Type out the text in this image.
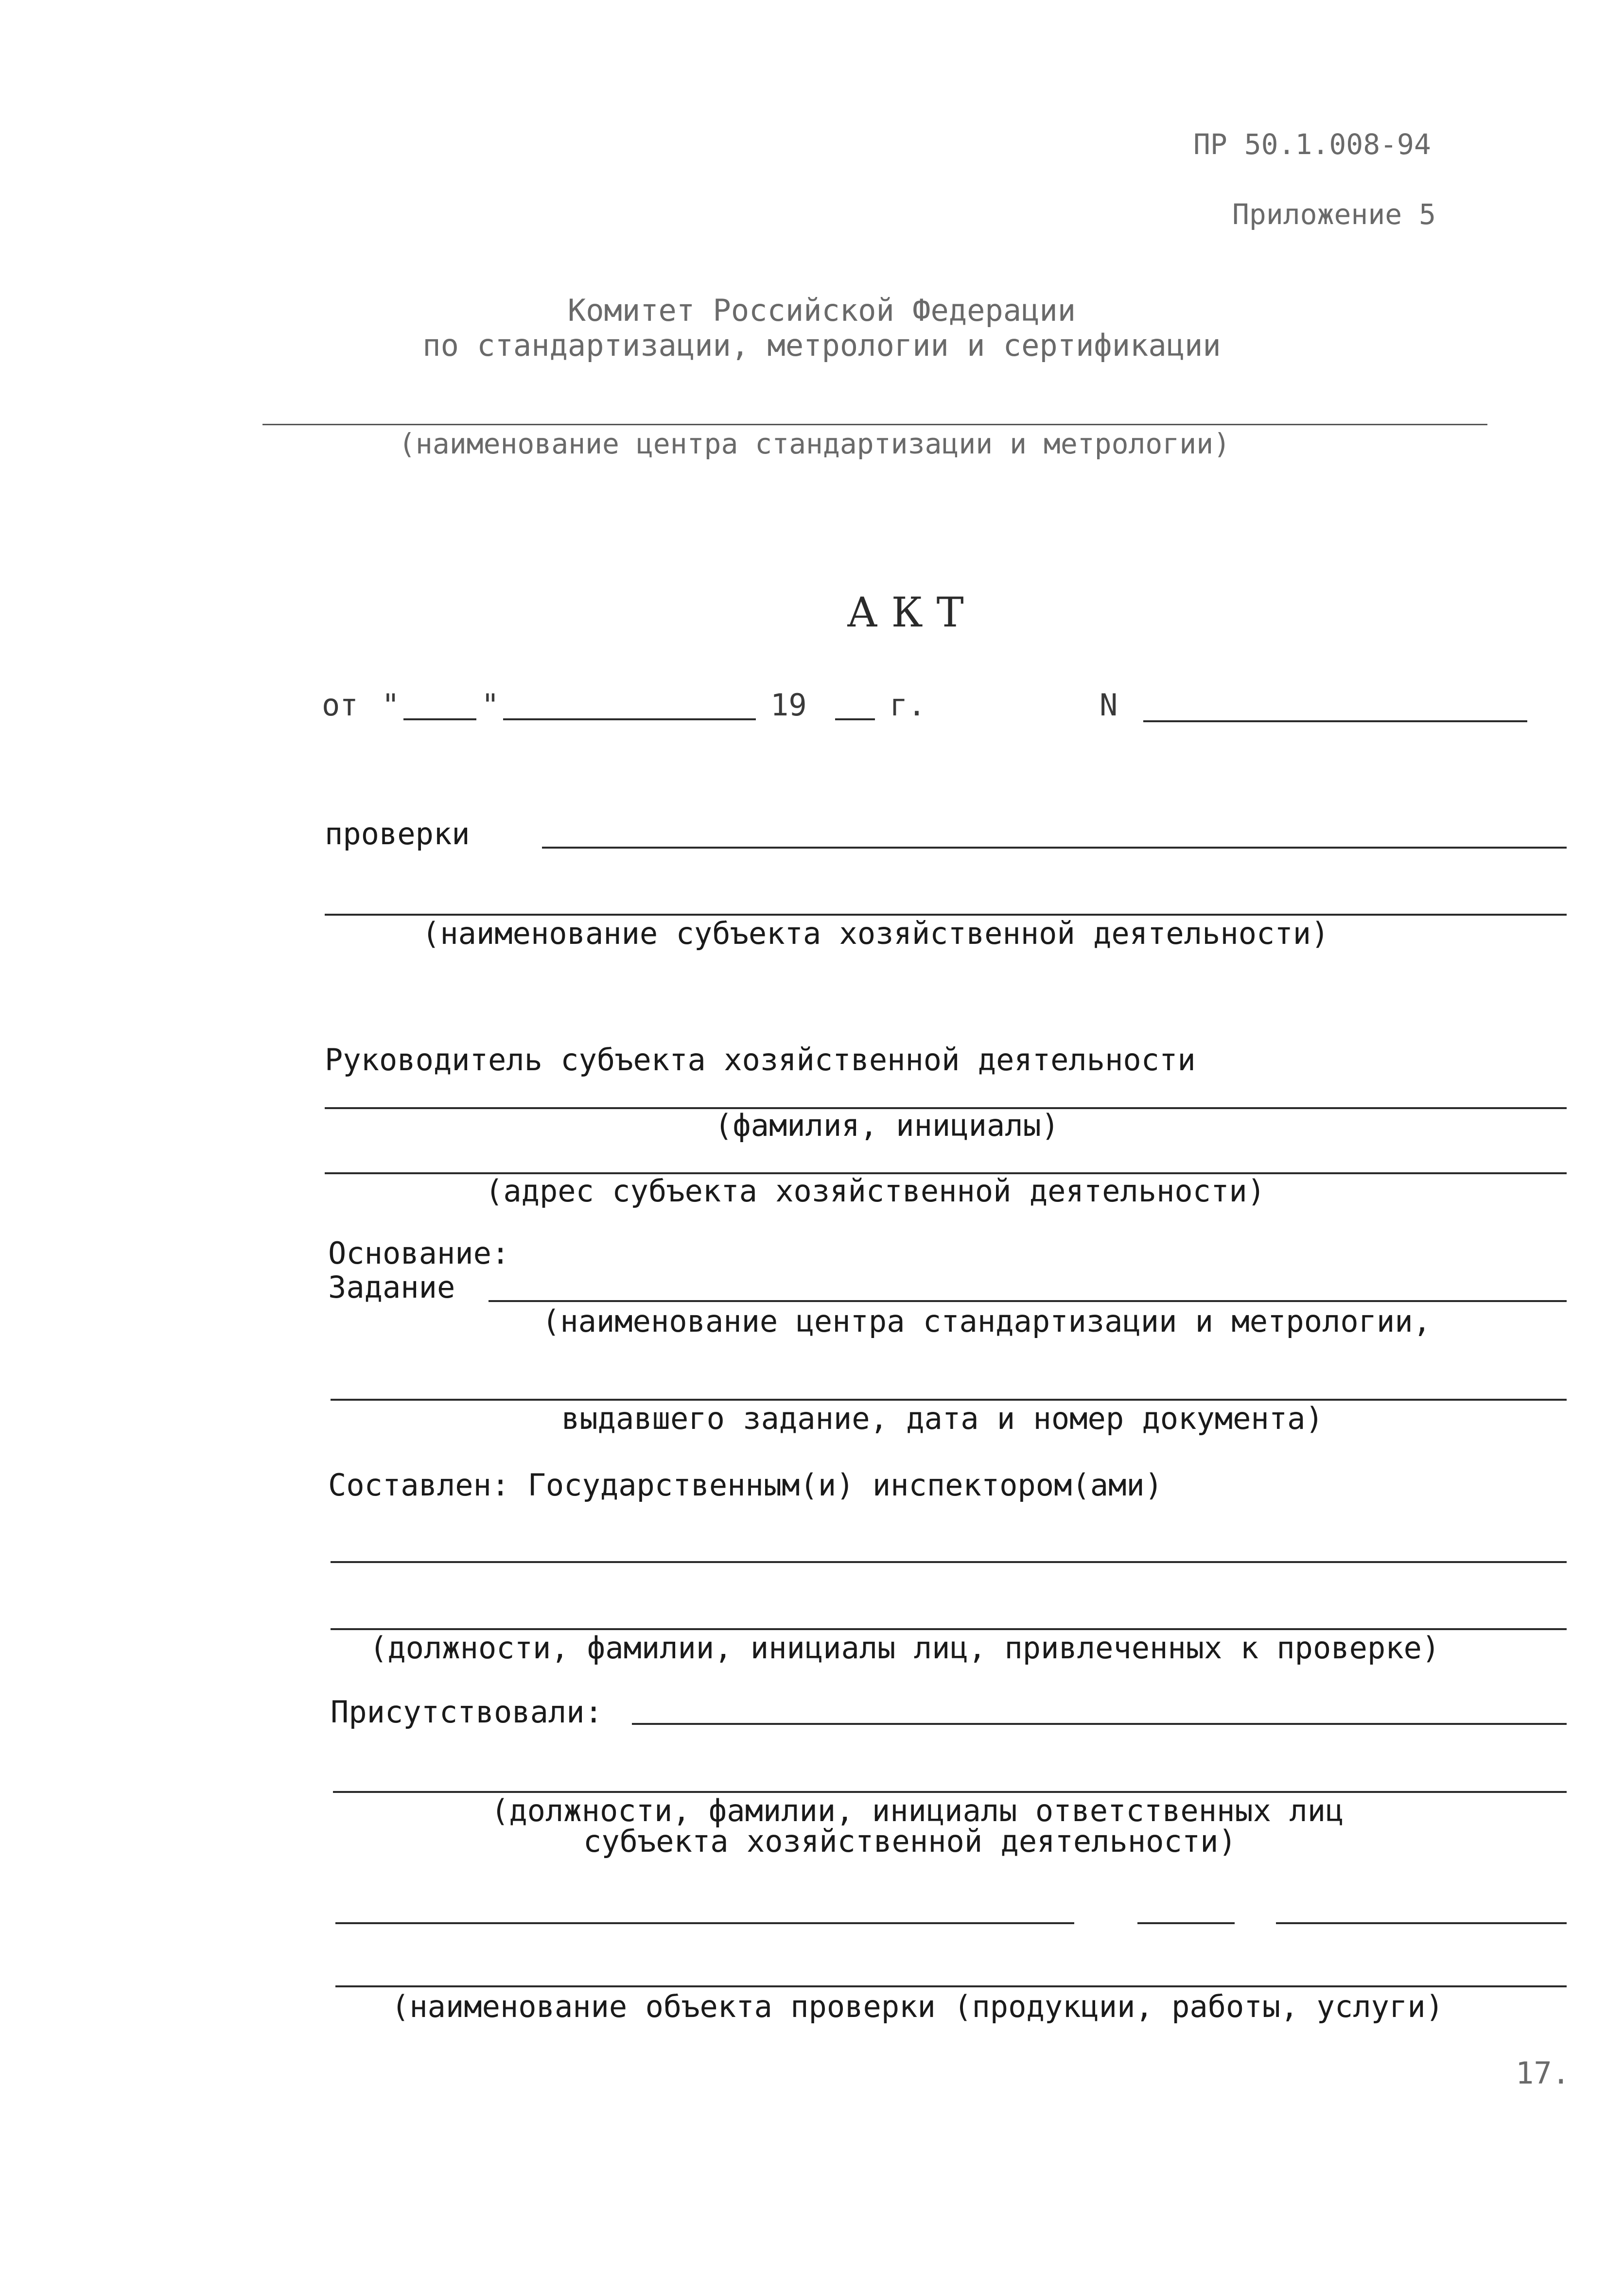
ПР 50.1.008-94
Приложение 5
Комитет Российской Федерации
по стандартизации, метрологии и сертификации
(наименование центра стандартизации и метрологии)
АКТ
от "	"	19	г.	N
проверки
(наименование субъекта хозяйственной деятельности)
Руководитель субъекта хозяйственной деятельности
(фамилия, инициалы)
(адрес субъекта хозяйственной деятельности)
Основание:
Задание
(наименование центра стандартизации и метрологии,
выдавшего задание, дата и номер документа)
Составлен: Государственным(и) инспектором(ами)
(должности, фамилии, инициалы лиц, привлеченных к проверке)
Присутствовали:
(должности, фамилии, инициалы ответственных лиц
субъекта хозяйственной деятельности)
(наименование объекта проверки (продукции, работы, услуги)
17.
